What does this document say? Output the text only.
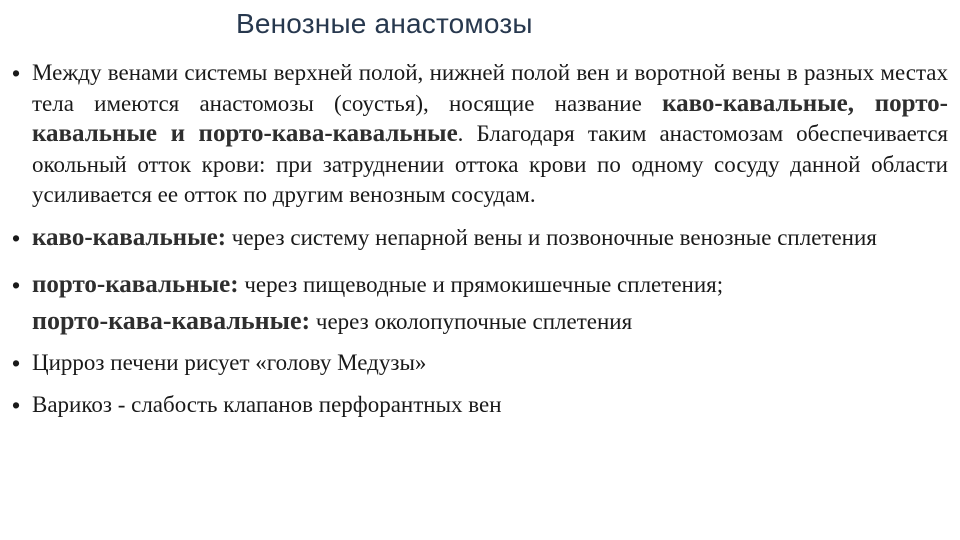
Венозные анастомозы
• Между венами системы верхней полой, нижней полой вен и воротной вены в разных местах тела имеются анастомозы (соустья), носящие название каво-кавальные, порто-кавальные и порто-кава-кавальные. Благодаря таким анастомозам обеспечивается окольный отток крови: при затруднении оттока крови по одному сосуду данной области усиливается ее отток по другим венозным сосудам.
• каво-кавальные: через систему непарной вены и позвоночные венозные сплетения
• порто-кавальные: через пищеводные и прямокишечные сплетения;
порто-кава-кавальные: через околопупочные сплетения
• Цирроз печени рисует «голову Медузы»
• Варикоз - слабость клапанов перфорантных вен
